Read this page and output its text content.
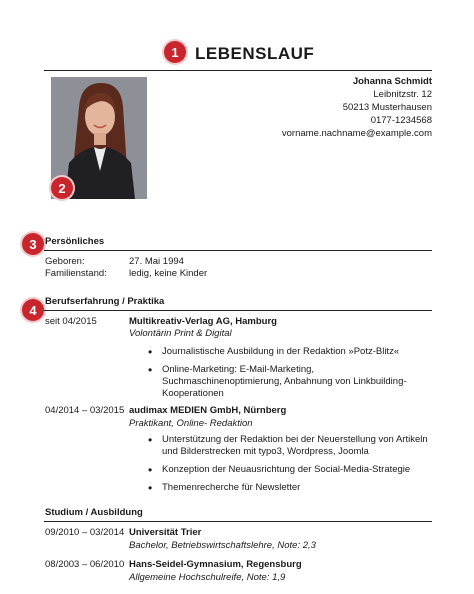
1 LEBENSLAUF
2
Johanna Schmidt
Leibnitzstr. 12
50213 Musterhausen
0177-1234568
vorname.nachname@example.com
3 Persönliches
Geboren:	27. Mai 1994
Familienstand: ledig, keine Kinder
4
Berufserfahrung / Praktika
seit 04/2015	Multikreativ-Verlag AG, Hamburg
Volontärin Print & Digital
• Journalistische Ausbildung in der Redaktion »Potz-Blitz«
• Online-Marketing: E-Mail-Marketing, Suchmaschinenoptimierung, Anbahnung von Linkbuilding-Kooperationen
04/2014 – 03/2015 audimax MEDIEN GmbH, Nürnberg
Praktikant, Online- Redaktion
• Unterstützung der Redaktion bei der Neuerstellung von Artikeln und Bilderstrecken mit typo3, Wordpress, Joomla
• Konzeption der Neuausrichtung der Social-Media-Strategie
• Themenrecherche für Newsletter
Studium / Ausbildung
09/2010 – 03/2014 Universität Trier
Bachelor, Betriebswirtschaftslehre, Note: 2,3
08/2003 – 06/2010 Hans-Seidel-Gymnasium, Regensburg
Allgemeine Hochschulreife, Note: 1,9
